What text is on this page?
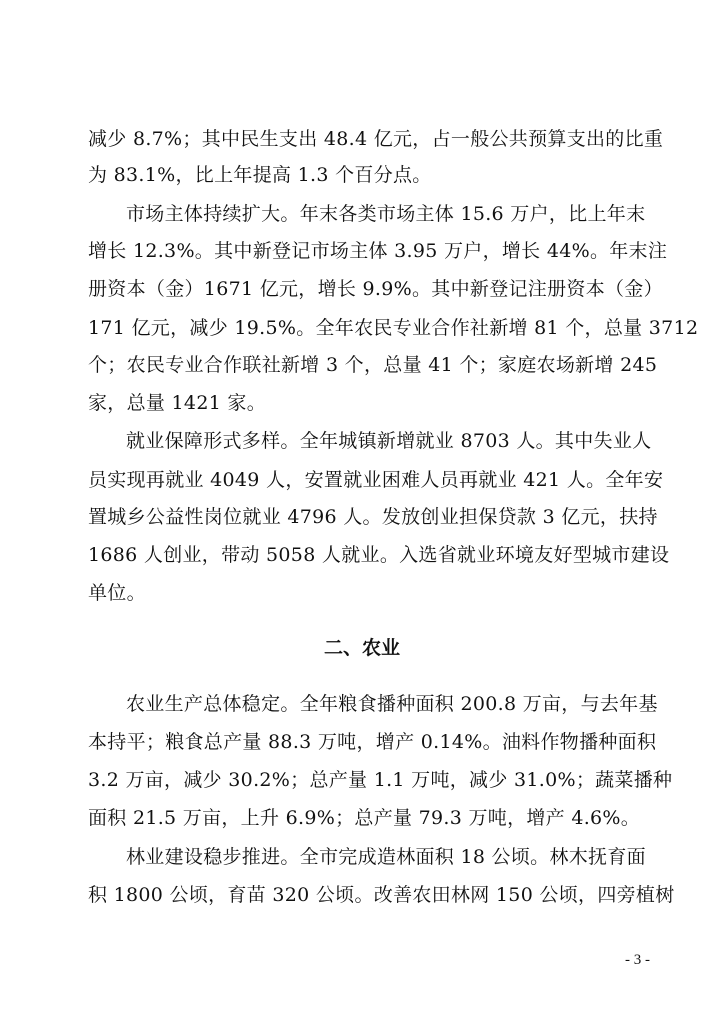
减少 8.7%；其中民生支出 48.4 亿元，占一般公共预算支出的比重
为 83.1%，比上年提高 1.3 个百分点。
市场主体持续扩大。年末各类市场主体 15.6 万户，比上年末
增长 12.3%。其中新登记市场主体 3.95 万户，增长 44%。年末注
册资本（金）1671 亿元，增长 9.9%。其中新登记注册资本（金）
171 亿元，减少 19.5%。全年农民专业合作社新增 81 个，总量 3712
个；农民专业合作联社新增 3 个，总量 41 个；家庭农场新增 245
家，总量 1421 家。
就业保障形式多样。全年城镇新增就业 8703 人。其中失业人
员实现再就业 4049 人，安置就业困难人员再就业 421 人。全年安
置城乡公益性岗位就业 4796 人。发放创业担保贷款 3 亿元，扶持
1686 人创业，带动 5058 人就业。入选省就业环境友好型城市建设
单位。
二、农业
农业生产总体稳定。全年粮食播种面积 200.8 万亩，与去年基
本持平；粮食总产量 88.3 万吨，增产 0.14%。油料作物播种面积
3.2 万亩，减少 30.2%；总产量 1.1 万吨，减少 31.0%；蔬菜播种
面积 21.5 万亩，上升 6.9%；总产量 79.3 万吨，增产 4.6%。
林业建设稳步推进。全市完成造林面积 18 公顷。林木抚育面
积 1800 公顷，育苗 320 公顷。改善农田林网 150 公顷，四旁植树
- 3 -
